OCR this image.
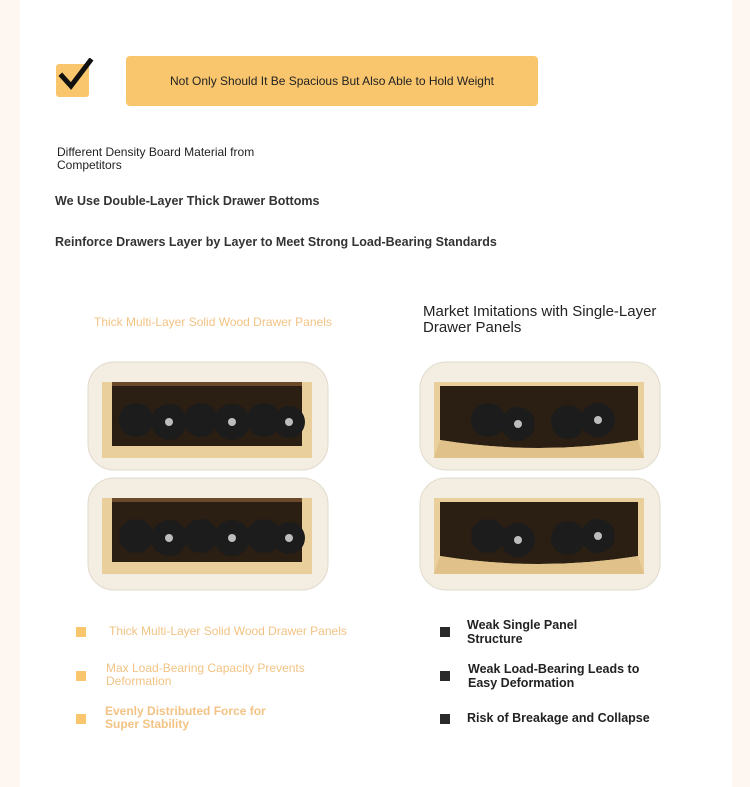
Not Only Should It Be Spacious But Also Able to Hold Weight
Different Density Board Material from Competitors
We Use Double-Layer Thick Drawer Bottoms
Reinforce Drawers Layer by Layer to Meet Strong Load-Bearing Standards
Thick Multi-Layer Solid Wood Drawer Panels
Market Imitations with Single-Layer Drawer Panels
Thick Multi-Layer Solid Wood Drawer Panels
Max Load-Bearing Capacity Prevents Deformation
Evenly Distributed Force for Super Stability
Weak Single Panel Structure
Weak Load-Bearing Leads to Easy Deformation
Risk of Breakage and Collapse
